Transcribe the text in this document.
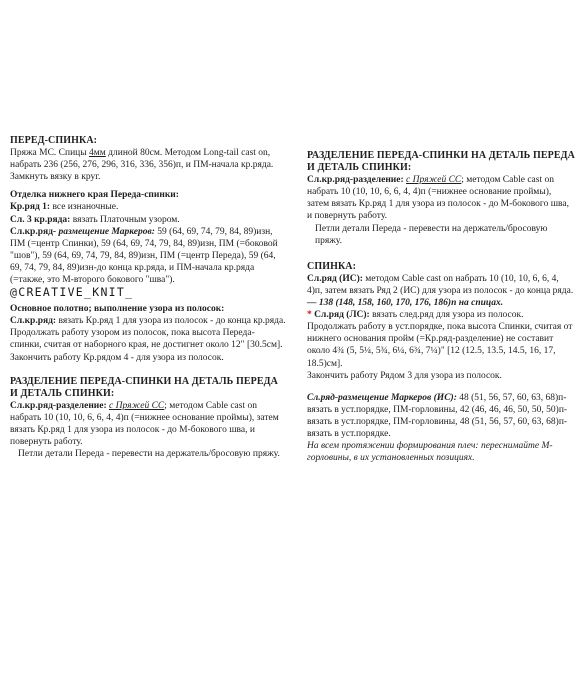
ПЕРЕД-СПИНКА:

Пряжа МС. Спицы 4мм длиной 80см. Методом Long-tail cast on, набрать 236 (256, 276, 296, 316, 336, 356)п, и ПМ-начала кр.ряда. Замкнуть вязку в круг.

Отделка нижнего края Переда-спинки:

Кр.ряд 1: все изнаночные.

Сл. 3 кр.ряда: вязать Платочным узором.

Сл.кр.ряд- размещение Маркеров: 59 (64, 69, 74, 79, 84, 89)изн, ПМ (=центр Спинки), 59 (64, 69, 74, 79, 84, 89)изн, ПМ (=боковой "шов"), 59 (64, 69, 74, 79, 84, 89)изн, ПМ (=центр Переда), 59 (64, 69, 74, 79, 84, 89)изн-до конца кр.ряда, и ПМ-начала кр.ряда (=также, это М-второго бокового "шва").

@CREATIVE_KNIT_

Основное полотно; выполнение узора из полосок:

Сл.кр.ряд: вязать Кр.ряд 1 для узора из полосок - до конца кр.ряда.

Продолжать работу узором из полосок, пока высота Переда-спинки, считая от наборного края, не достигнет около 12" [30.5см].

Закончить работу Кр.рядом 4 - для узора из полосок.

РАЗДЕЛЕНИЕ ПЕРЕДА-СПИНКИ НА ДЕТАЛЬ ПЕРЕДА И ДЕТАЛЬ СПИНКИ:

Сл.кр.ряд-разделение: с Пряжей СС; методом Cable cast on набрать 10 (10, 10, 6, 6, 4, 4)п (=нижнее основание проймы), затем вязать Кр.ряд 1 для узора из полосок - до М-бокового шва, и повернуть работу.

Петли детали Переда - перевести на держатель/бросовую пряжу.

РАЗДЕЛЕНИЕ ПЕРЕДА-СПИНКИ НА ДЕТАЛЬ ПЕРЕДА И ДЕТАЛЬ СПИНКИ:

Сл.кр.ряд-разделение: с Пряжей СС; методом Cable cast on набрать 10 (10, 10, 6, 6, 4, 4)п (=нижнее основание проймы), затем вязать Кр.ряд 1 для узора из полосок - до М-бокового шва, и повернуть работу.

Петли детали Переда - перевести на держатель/бросовую пряжу.

СПИНКА:

Сл.ряд (ИС): методом Cable cast on набрать 10 (10, 10, 6, 6, 4, 4)п, затем вязать Ряд 2 (ИС) для узора из полосок - до конца ряда.

— 138 (148, 158, 160, 170, 176, 186)п на спицах.

* Сл.ряд (ЛС): вязать след.ряд для узора из полосок.

Продолжать работу в уст.порядке, пока высота Спинки, считая от нижнего основания пройм (=Кр.ряд-разделение) не составит около 4¾ (5, 5¼, 5¾, 6¼, 6¾, 7¼)" [12 (12.5, 13.5, 14.5, 16, 17, 18.5)см].

Закончить работу Рядом 3 для узора из полосок.

Сл.ряд-размещение Маркеров (ИС): 48 (51, 56, 57, 60, 63, 68)п-вязать в уст.порядке, ПМ-горловины, 42 (46, 46, 46, 50, 50, 50)п-вязать в уст.порядке, ПМ-горловины, 48 (51, 56, 57, 60, 63, 68)п-вязать в уст.порядке.

На всем протяжении формирования плеч: переснимайте М-горловины, в их установленных позициях.
